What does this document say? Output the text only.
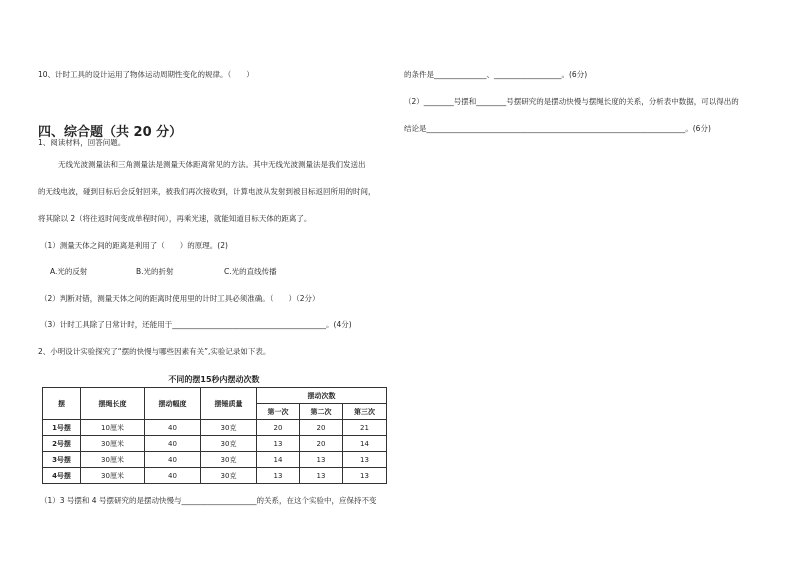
10、计时工具的设计运用了物体运动周期性变化的规律。（　　）
四、综合题（共 20 分）
1、阅读材料，回答问题。
无线光波测量法和三角测量法是测量天体距离常见的方法。其中无线光波测量法是我们发送出
的无线电波，碰到目标后会反射回来，被我们再次接收到，计算电波从发射到被目标返回所用的时间，
将其除以 2（将往返时间变成单程时间），再乘光速，就能知道目标天体的距离了。
（1）测量天体之间的距离是利用了（　　）的原理。(2)
A.光的反射	B.光的折射	C.光的直线传播
（2）判断对错，测量天体之间的距离时使用里的计时工具必须准确。（　　）（2分）
（3）计时工具除了日常计时，还能用于_________________________________________。(4分)
2、小明设计实验探究了“摆的快慢与哪些因素有关”,实验记录如下表。
不同的摆15秒内摆动次数
摆	摆绳长度	摆动幅度	摆锤质量	摆动次数		
				第一次	第二次	第三次
1号摆	10厘米	40	30克	20	20	21
2号摆	30厘米	40	30克	13	20	14
3号摆	30厘米	40	30克	14	13	13
4号摆	30厘米	40	30克	13	13	13
（1）3 号摆和 4 号摆研究的是摆动快慢与____________________的关系，在这个实验中，应保持不变
的条件是______________、__________________。(6分)
（2）________号摆和________号摆研究的是摆动快慢与摆绳长度的关系，分析表中数据，可以得出的
结论是_____________________________________________________________________。(6分)
